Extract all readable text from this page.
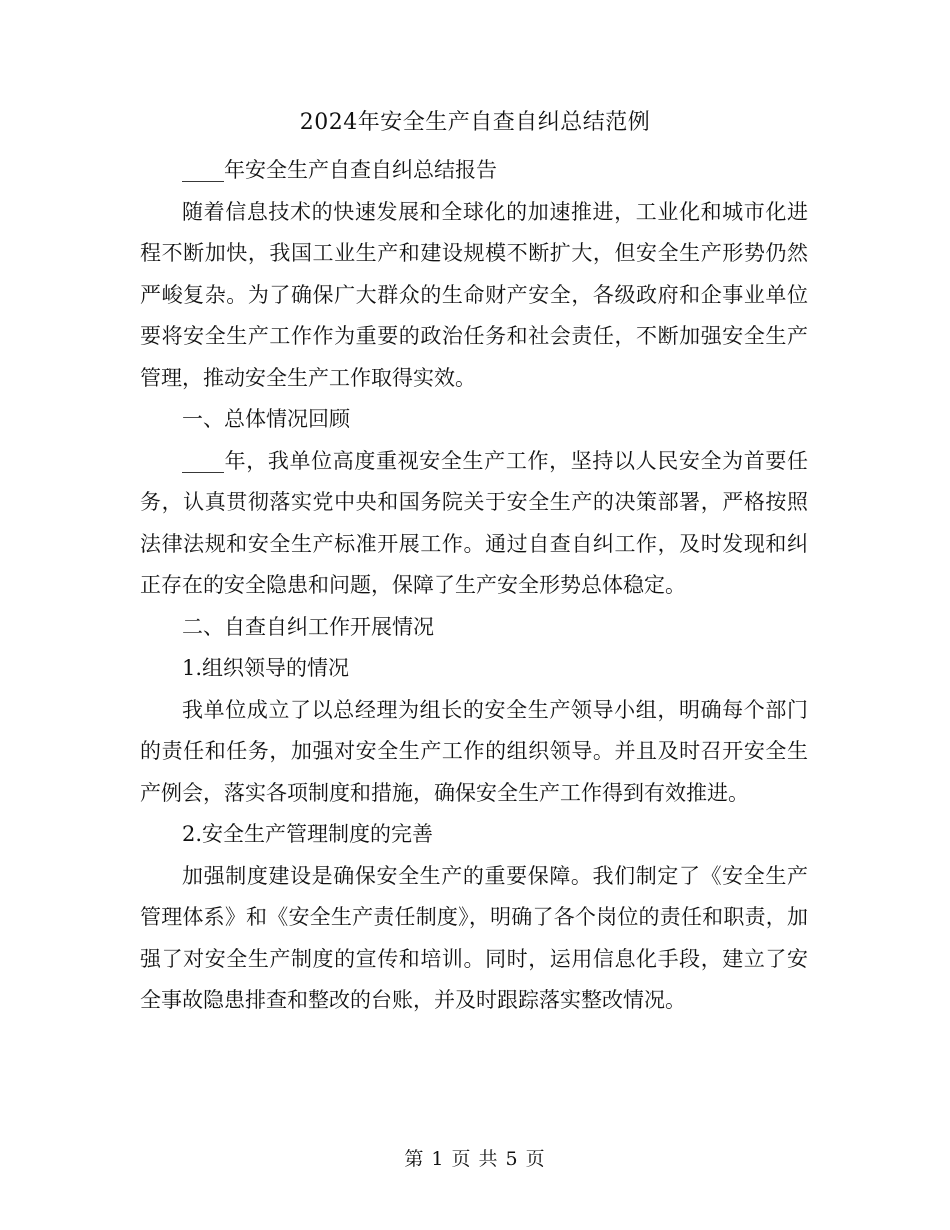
2024年安全生产自查自纠总结范例

____年安全生产自查自纠总结报告

随着信息技术的快速发展和全球化的加速推进，工业化和城市化进程不断加快，我国工业生产和建设规模不断扩大，但安全生产形势仍然严峻复杂。为了确保广大群众的生命财产安全，各级政府和企事业单位要将安全生产工作作为重要的政治任务和社会责任，不断加强安全生产管理，推动安全生产工作取得实效。

一、总体情况回顾

____年，我单位高度重视安全生产工作，坚持以人民安全为首要任务，认真贯彻落实党中央和国务院关于安全生产的决策部署，严格按照法律法规和安全生产标准开展工作。通过自查自纠工作，及时发现和纠正存在的安全隐患和问题，保障了生产安全形势总体稳定。

二、自查自纠工作开展情况

1.组织领导的情况

我单位成立了以总经理为组长的安全生产领导小组，明确每个部门的责任和任务，加强对安全生产工作的组织领导。并且及时召开安全生产例会，落实各项制度和措施，确保安全生产工作得到有效推进。

2.安全生产管理制度的完善

加强制度建设是确保安全生产的重要保障。我们制定了《安全生产管理体系》和《安全生产责任制度》，明确了各个岗位的责任和职责，加强了对安全生产制度的宣传和培训。同时，运用信息化手段，建立了安全事故隐患排查和整改的台账，并及时跟踪落实整改情况。

第 1 页 共 5 页
